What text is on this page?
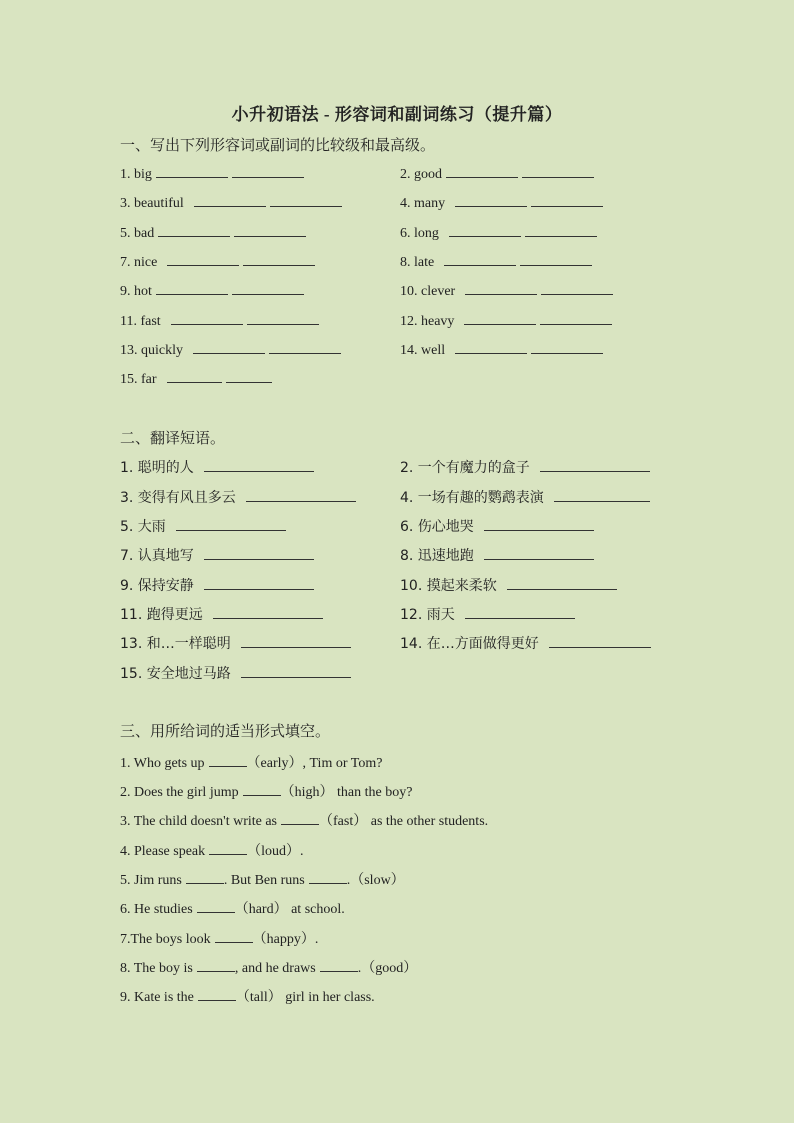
小升初语法 - 形容词和副词练习（提升篇）
一、写出下列形容词或副词的比较级和最高级。
1. big	2. good
3. beautiful	4. many
5. bad	6. long
7. nice	8. late
9. hot	10. clever
11. fast	12. heavy
13. quickly	14. well
15. far
二、翻译短语。
1. 聪明的人	2. 一个有魔力的盒子
3. 变得有风且多云	4. 一场有趣的鹦鹉表演
5. 大雨	6. 伤心地哭
7. 认真地写	8. 迅速地跑
9. 保持安静	10. 摸起来柔软
11. 跑得更远	12. 雨天
13. 和…一样聪明	14. 在…方面做得更好
15. 安全地过马路
三、用所给词的适当形式填空。
1. Who gets up	（early）, Tim or Tom?
2. Does the girl jump	（high） than the boy?
3. The child doesn't write as	（fast） as the other students.
4. Please speak	（loud）.
5. Jim runs	. But Ben runs	.（slow）
6. He studies	（hard） at school.
7.The boys look	（happy）.
8. The boy is	, and he draws	.（good）
9. Kate is the	（tall） girl in her class.
